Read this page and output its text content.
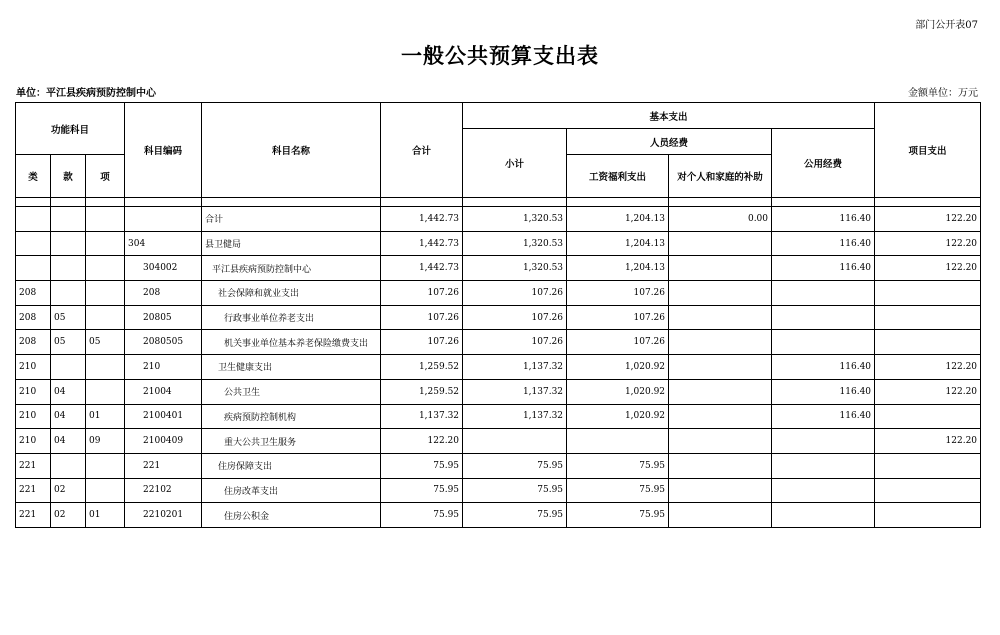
部门公开表07
一般公共预算支出表
单位：平江县疾病预防控制中心	金额单位：万元
功能科目			科目编码	科目名称	合计	基本支出				项目支出
						小计	人员经费		公用经费	
类	款	项					工资福利支出	对个人和家庭的补助		

				合计	1,442.73	1,320.53	1,204.13	0.00	116.40	122.20
			304	县卫健局	1,442.73	1,320.53	1,204.13		116.40	122.20
			304002	平江县疾病预防控制中心	1,442.73	1,320.53	1,204.13		116.40	122.20
208			208	社会保障和就业支出	107.26	107.26	107.26			
208	05		20805	行政事业单位养老支出	107.26	107.26	107.26			
208	05	05	2080505	机关事业单位基本养老保险缴费支出	107.26	107.26	107.26			
210			210	卫生健康支出	1,259.52	1,137.32	1,020.92		116.40	122.20
210	04		21004	公共卫生	1,259.52	1,137.32	1,020.92		116.40	122.20
210	04	01	2100401	疾病预防控制机构	1,137.32	1,137.32	1,020.92		116.40	
210	04	09	2100409	重大公共卫生服务	122.20					122.20
221			221	住房保障支出	75.95	75.95	75.95			
221	02		22102	住房改革支出	75.95	75.95	75.95			
221	02	01	2210201	住房公积金	75.95	75.95	75.95			
